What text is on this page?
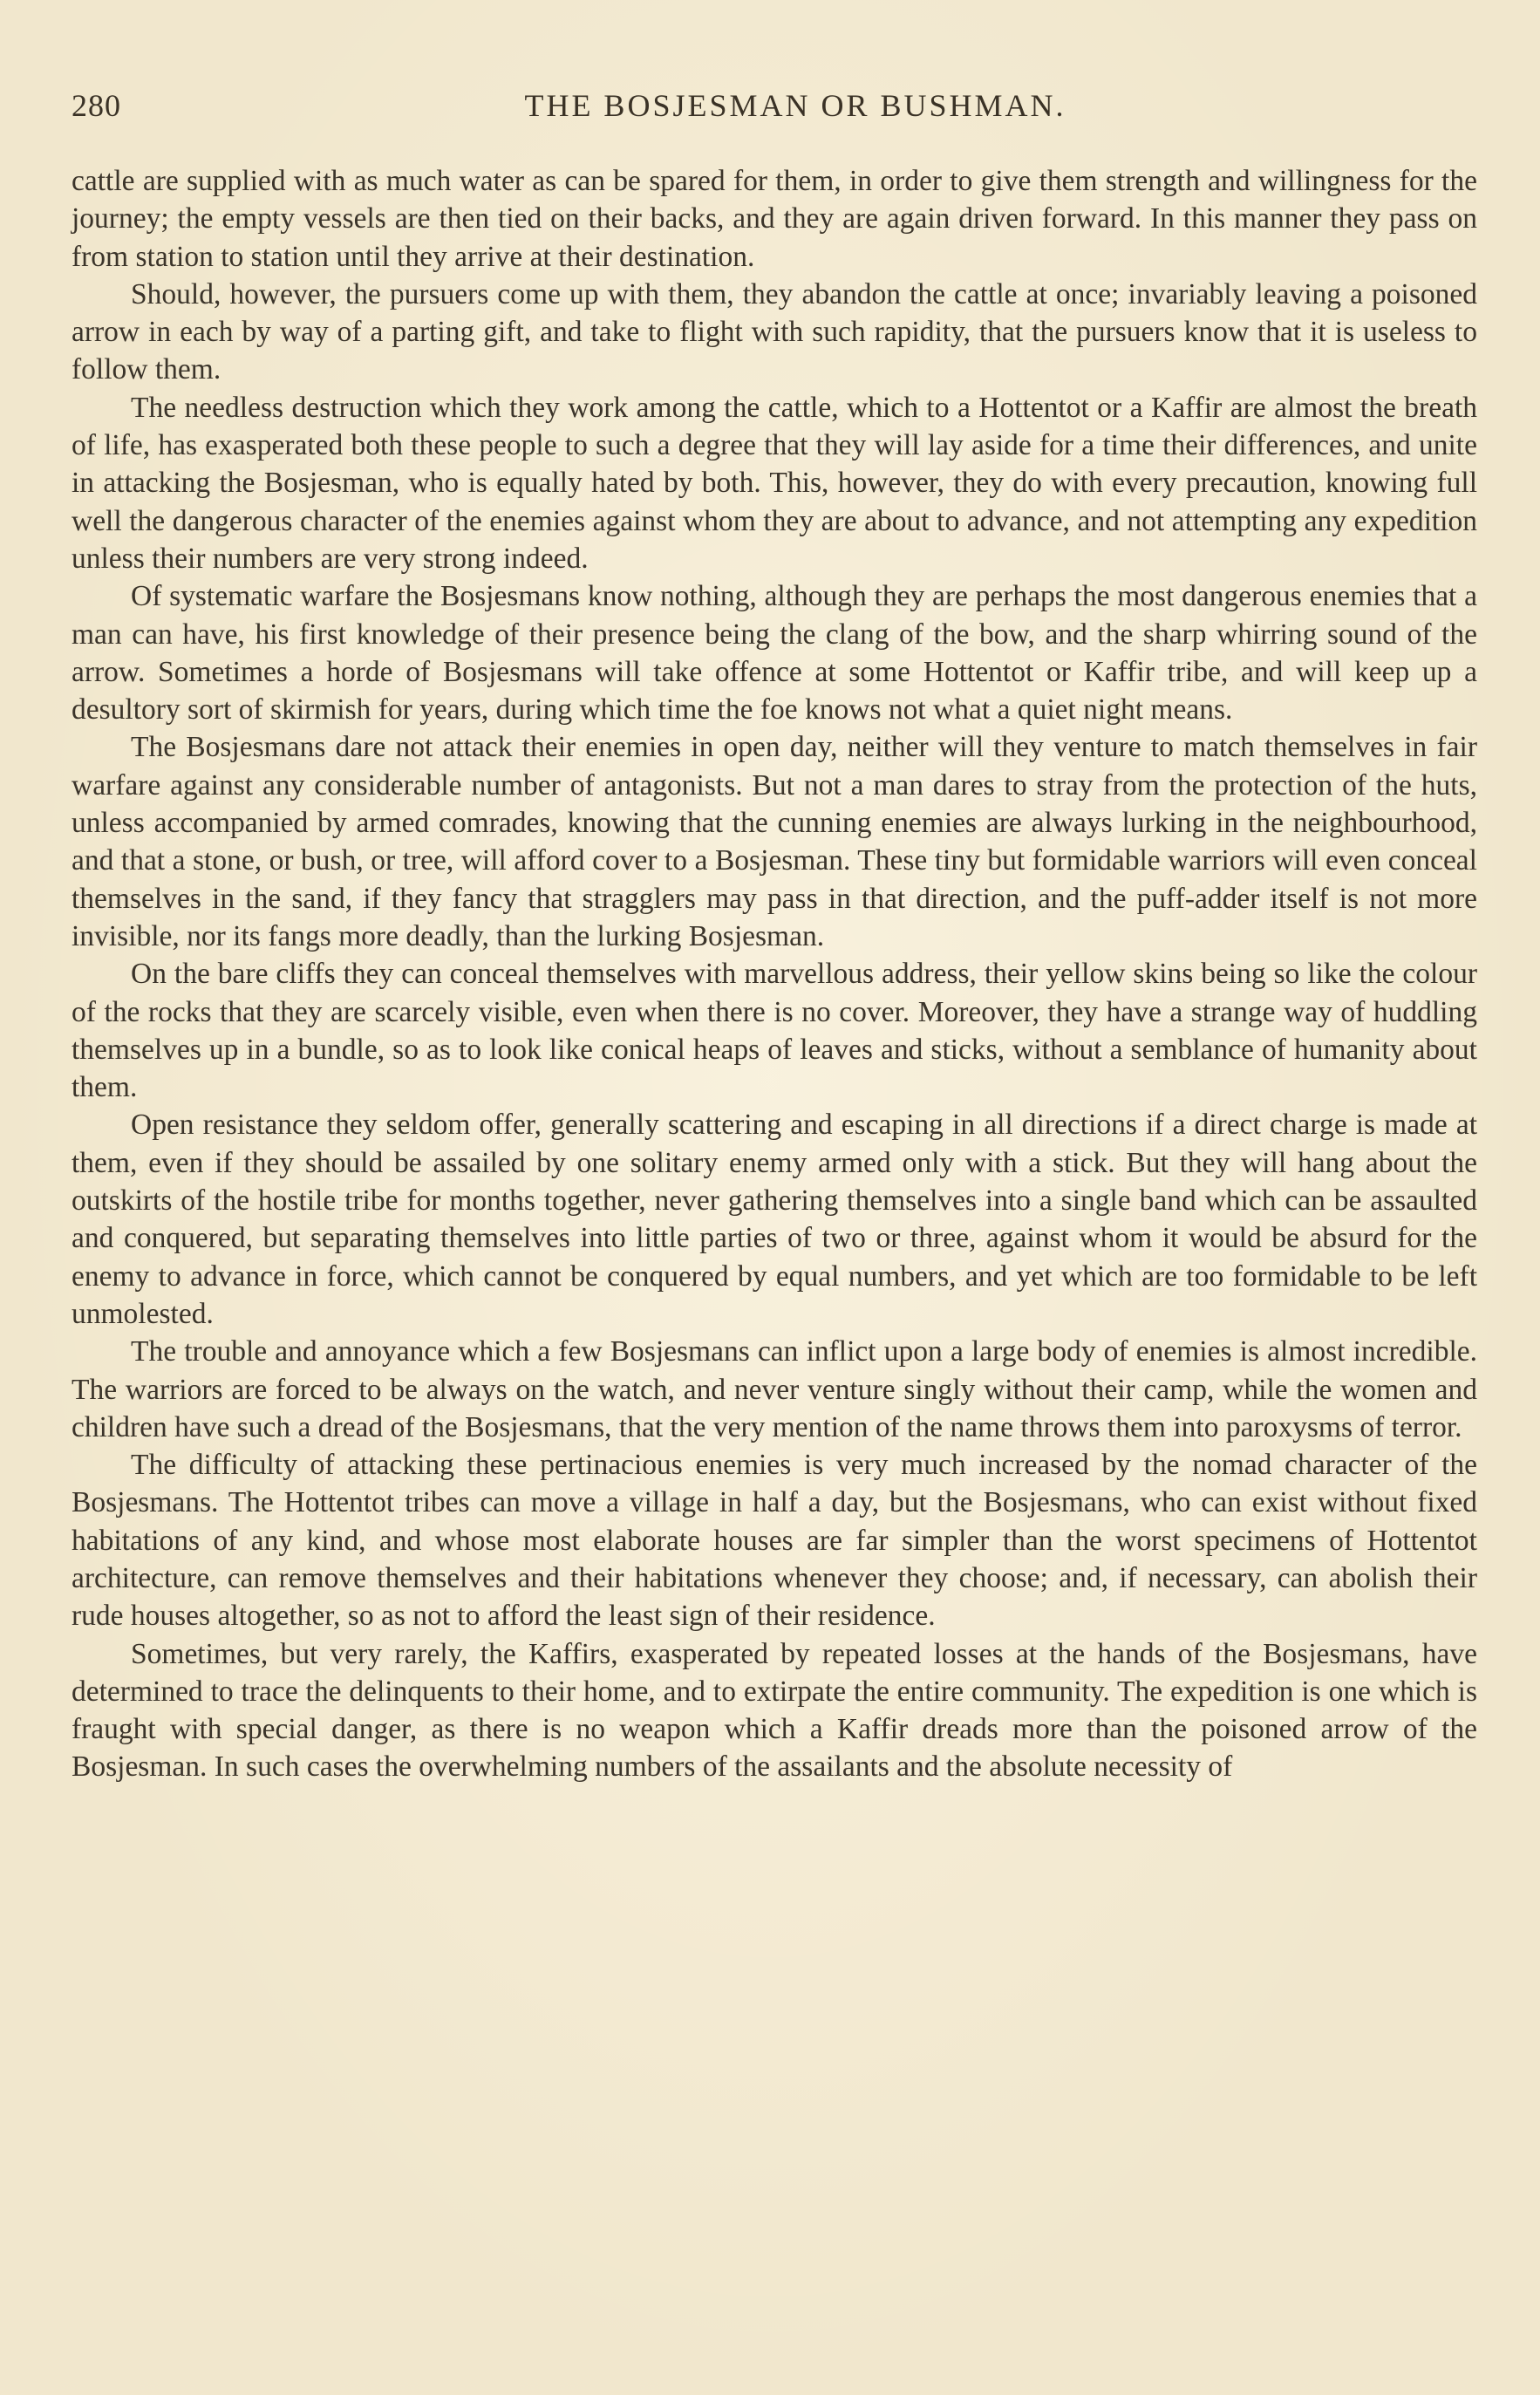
280	THE BOSJESMAN OR BUSHMAN.

cattle are supplied with as much water as can be spared for them, in order to give them strength and willingness for the journey; the empty vessels are then tied on their backs, and they are again driven forward. In this manner they pass on from station to station until they arrive at their destination.

Should, however, the pursuers come up with them, they abandon the cattle at once; invariably leaving a poisoned arrow in each by way of a parting gift, and take to flight with such rapidity, that the pursuers know that it is useless to follow them.

The needless destruction which they work among the cattle, which to a Hottentot or a Kaffir are almost the breath of life, has exasperated both these people to such a degree that they will lay aside for a time their differences, and unite in attacking the Bosjesman, who is equally hated by both. This, however, they do with every precaution, knowing full well the dangerous character of the enemies against whom they are about to advance, and not attempting any expedition unless their numbers are very strong indeed.

Of systematic warfare the Bosjesmans know nothing, although they are perhaps the most dangerous enemies that a man can have, his first knowledge of their presence being the clang of the bow, and the sharp whirring sound of the arrow. Sometimes a horde of Bosjesmans will take offence at some Hottentot or Kaffir tribe, and will keep up a desultory sort of skirmish for years, during which time the foe knows not what a quiet night means.

The Bosjesmans dare not attack their enemies in open day, neither will they venture to match themselves in fair warfare against any considerable number of antagonists. But not a man dares to stray from the protection of the huts, unless accompanied by armed comrades, knowing that the cunning enemies are always lurking in the neighbourhood, and that a stone, or bush, or tree, will afford cover to a Bosjesman. These tiny but formidable warriors will even conceal themselves in the sand, if they fancy that stragglers may pass in that direction, and the puff-adder itself is not more invisible, nor its fangs more deadly, than the lurking Bosjesman.

On the bare cliffs they can conceal themselves with marvellous address, their yellow skins being so like the colour of the rocks that they are scarcely visible, even when there is no cover. Moreover, they have a strange way of huddling themselves up in a bundle, so as to look like conical heaps of leaves and sticks, without a semblance of humanity about them.

Open resistance they seldom offer, generally scattering and escaping in all directions if a direct charge is made at them, even if they should be assailed by one solitary enemy armed only with a stick. But they will hang about the outskirts of the hostile tribe for months together, never gathering themselves into a single band which can be assaulted and conquered, but separating themselves into little parties of two or three, against whom it would be absurd for the enemy to advance in force, which cannot be conquered by equal numbers, and yet which are too formidable to be left unmolested.

The trouble and annoyance which a few Bosjesmans can inflict upon a large body of enemies is almost incredible. The warriors are forced to be always on the watch, and never venture singly without their camp, while the women and children have such a dread of the Bosjesmans, that the very mention of the name throws them into paroxysms of terror.

The difficulty of attacking these pertinacious enemies is very much increased by the nomad character of the Bosjesmans. The Hottentot tribes can move a village in half a day, but the Bosjesmans, who can exist without fixed habitations of any kind, and whose most elaborate houses are far simpler than the worst specimens of Hottentot architecture, can remove themselves and their habitations whenever they choose; and, if necessary, can abolish their rude houses altogether, so as not to afford the least sign of their residence.

Sometimes, but very rarely, the Kaffirs, exasperated by repeated losses at the hands of the Bosjesmans, have determined to trace the delinquents to their home, and to extirpate the entire community. The expedition is one which is fraught with special danger, as there is no weapon which a Kaffir dreads more than the poisoned arrow of the Bosjesman. In such cases the overwhelming numbers of the assailants and the absolute necessity of
